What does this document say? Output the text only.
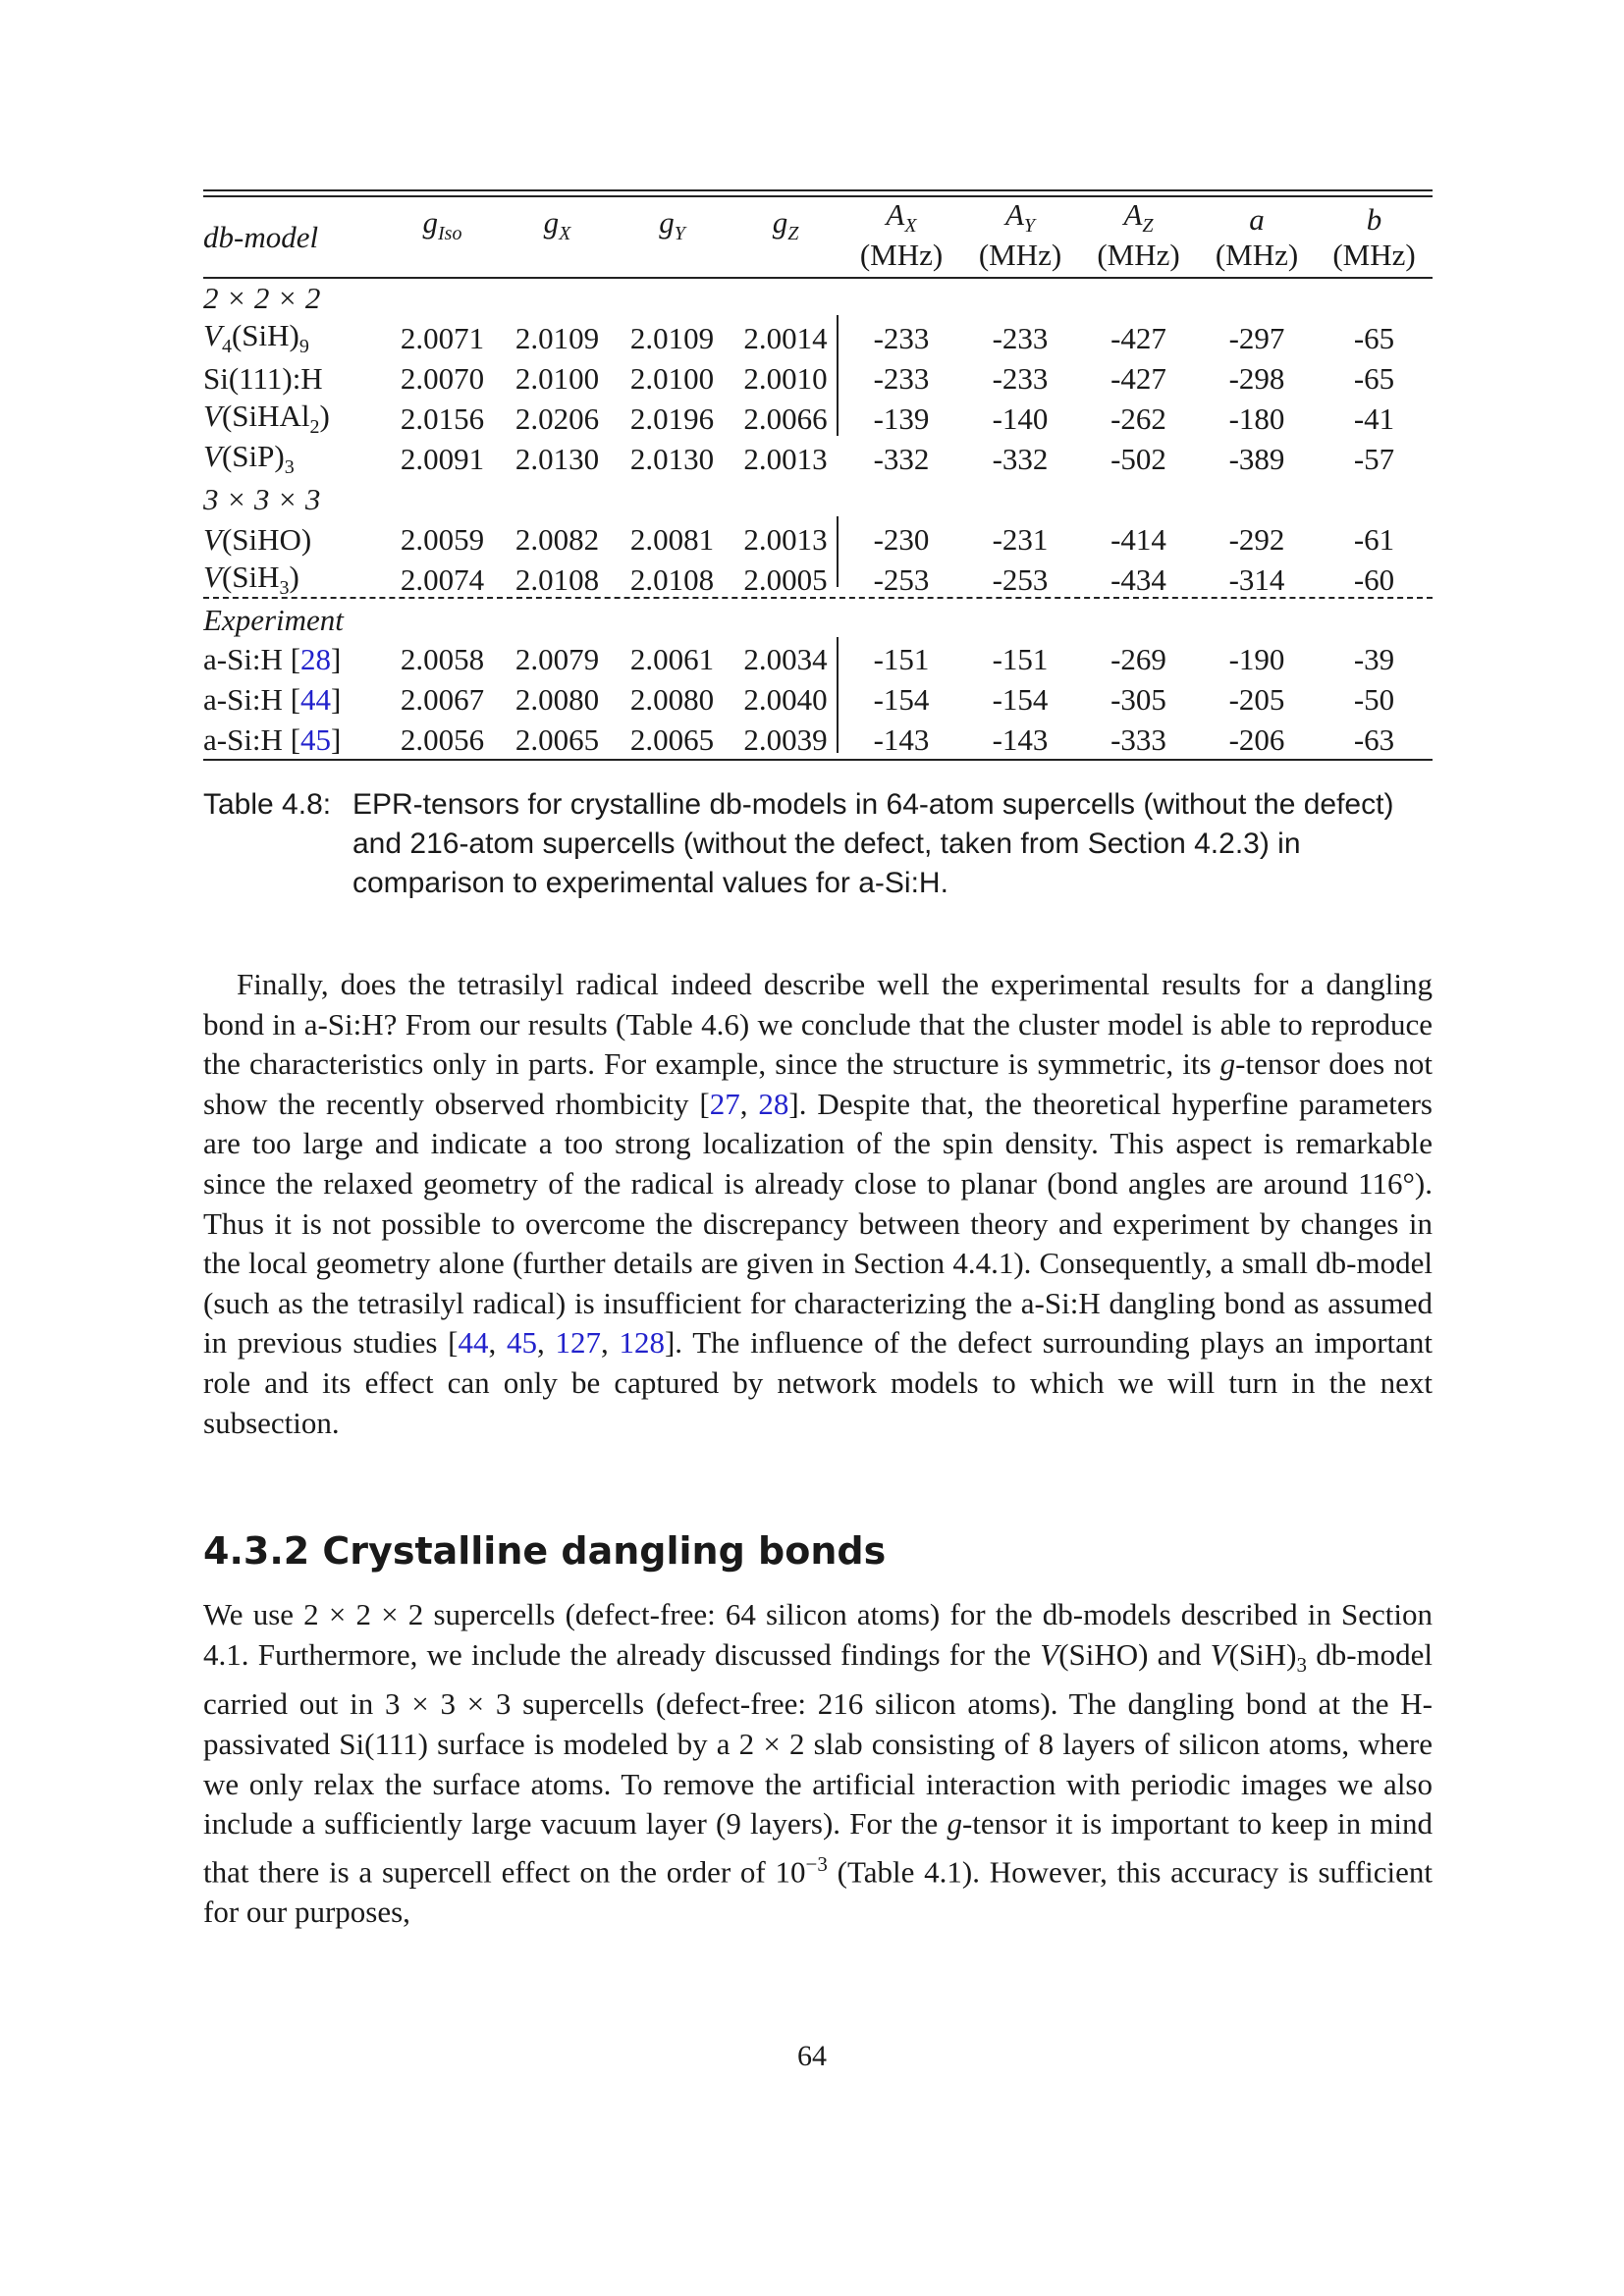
db-model	$g_{Iso}$	$g_X$	$g_Y$	$g_Z$	$A_X$	$A_Y$	$A_Z$	a	b
					(MHz)	(MHz)	(MHz)	(MHz)	(MHz)
2 × 2 × 2									
$V_4(SiH)_9$	2.0071	2.0109	2.0109	2.0014	-233	-233	-427	-297	-65
Si(111):H	2.0070	2.0100	2.0100	2.0010	-233	-233	-427	-298	-65
V(SiHAl$_2$)	2.0156	2.0206	2.0196	2.0066	-139	-140	-262	-180	-41
$V(SiP)_3$	2.0091	2.0130	2.0130	2.0013	-332	-332	-502	-389	-57
3 × 3 × 3									
V(SiHO)	2.0059	2.0082	2.0081	2.0013	-230	-231	-414	-292	-61
V(SiH$_3$)	2.0074	2.0108	2.0108	2.0005	-253	-253	-434	-314	-60
Experiment									
a-Si:H [28]	2.0058	2.0079	2.0061	2.0034	-151	-151	-269	-190	-39
a-Si:H [44]	2.0067	2.0080	2.0080	2.0040	-154	-154	-305	-205	-50
a-Si:H [45]	2.0056	2.0065	2.0065	2.0039	-143	-143	-333	-206	-63
Table 4.8: EPR-tensors for crystalline db-models in 64-atom supercells (without the defect) and 216-atom supercells (without the defect, taken from Section 4.2.3) in comparison to experimental values for a-Si:H.
Finally, does the tetrasilyl radical indeed describe well the experimental results for a dangling bond in a-Si:H? From our results (Table 4.6) we conclude that the cluster model is able to reproduce the characteristics only in parts. For example, since the structure is symmetric, its g-tensor does not show the recently observed rhombicity [27, 28]. Despite that, the theoretical hyperfine parameters are too large and indicate a too strong localization of the spin density. This aspect is remarkable since the relaxed geometry of the radical is already close to planar (bond angles are around 116°). Thus it is not possible to overcome the discrepancy between theory and experiment by changes in the local geometry alone (further details are given in Section 4.4.1). Consequently, a small db-model (such as the tetrasilyl radical) is insufficient for characterizing the a-Si:H dangling bond as assumed in previous studies [44, 45, 127, 128]. The influence of the defect surrounding plays an important role and its effect can only be captured by network models to which we will turn in the next subsection.
4.3.2 Crystalline dangling bonds
We use 2 × 2 × 2 supercells (defect-free: 64 silicon atoms) for the db-models described in Section 4.1. Furthermore, we include the already discussed findings for the V(SiHO) and $V(SiH)_3$ db-model carried out in 3 × 3 × 3 supercells (defect-free: 216 silicon atoms). The dangling bond at the H-passivated Si(111) surface is modeled by a 2 × 2 slab consisting of 8 layers of silicon atoms, where we only relax the surface atoms. To remove the artificial interaction with periodic images we also include a sufficiently large vacuum layer (9 layers). For the g-tensor it is important to keep in mind that there is a supercell effect on the order of $10^{-3}$ (Table 4.1). However, this accuracy is sufficient for our purposes,
64
